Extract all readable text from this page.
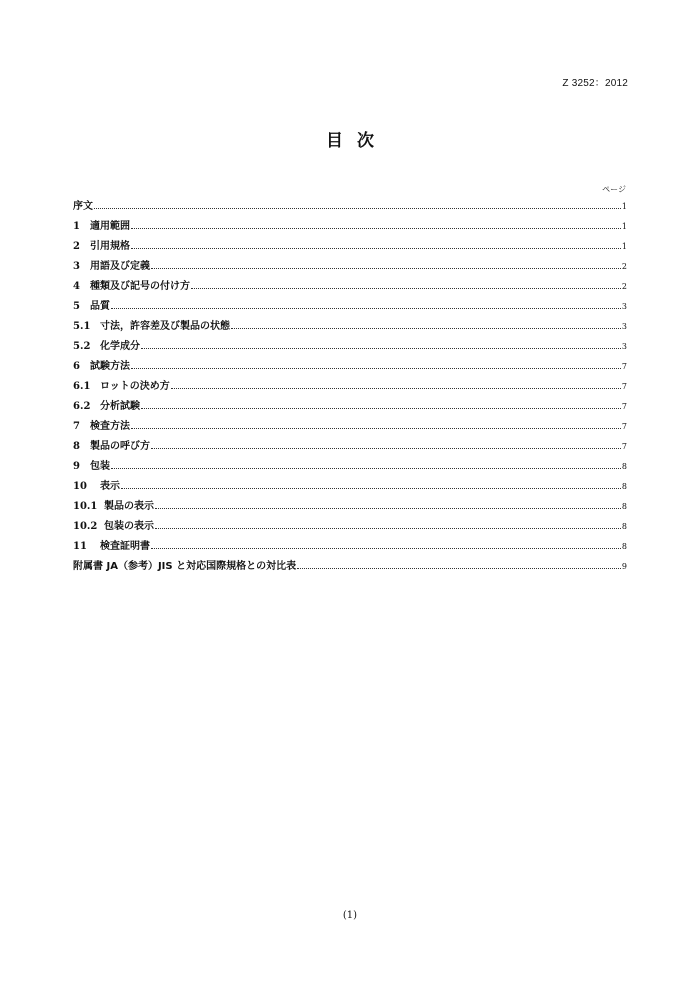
Z 3252：2012
目次
ページ
序文	1
1	適用範囲	1
2	引用規格	1
3	用語及び定義	2
4	種類及び記号の付け方	2
5	品質	3
5.1 寸法，許容差及び製品の状態	3
5.2 化学成分	3
6	試験方法	7
6.1 ロットの決め方	7
6.2 分析試験	7
7	検査方法	7
8	製品の呼び方	7
9	包装	8
10	表示	8
10.1 製品の表示	8
10.2 包装の表示	8
11	検査証明書	8
附属書 JA（参考）JIS と対応国際規格との対比表	9
(1)
